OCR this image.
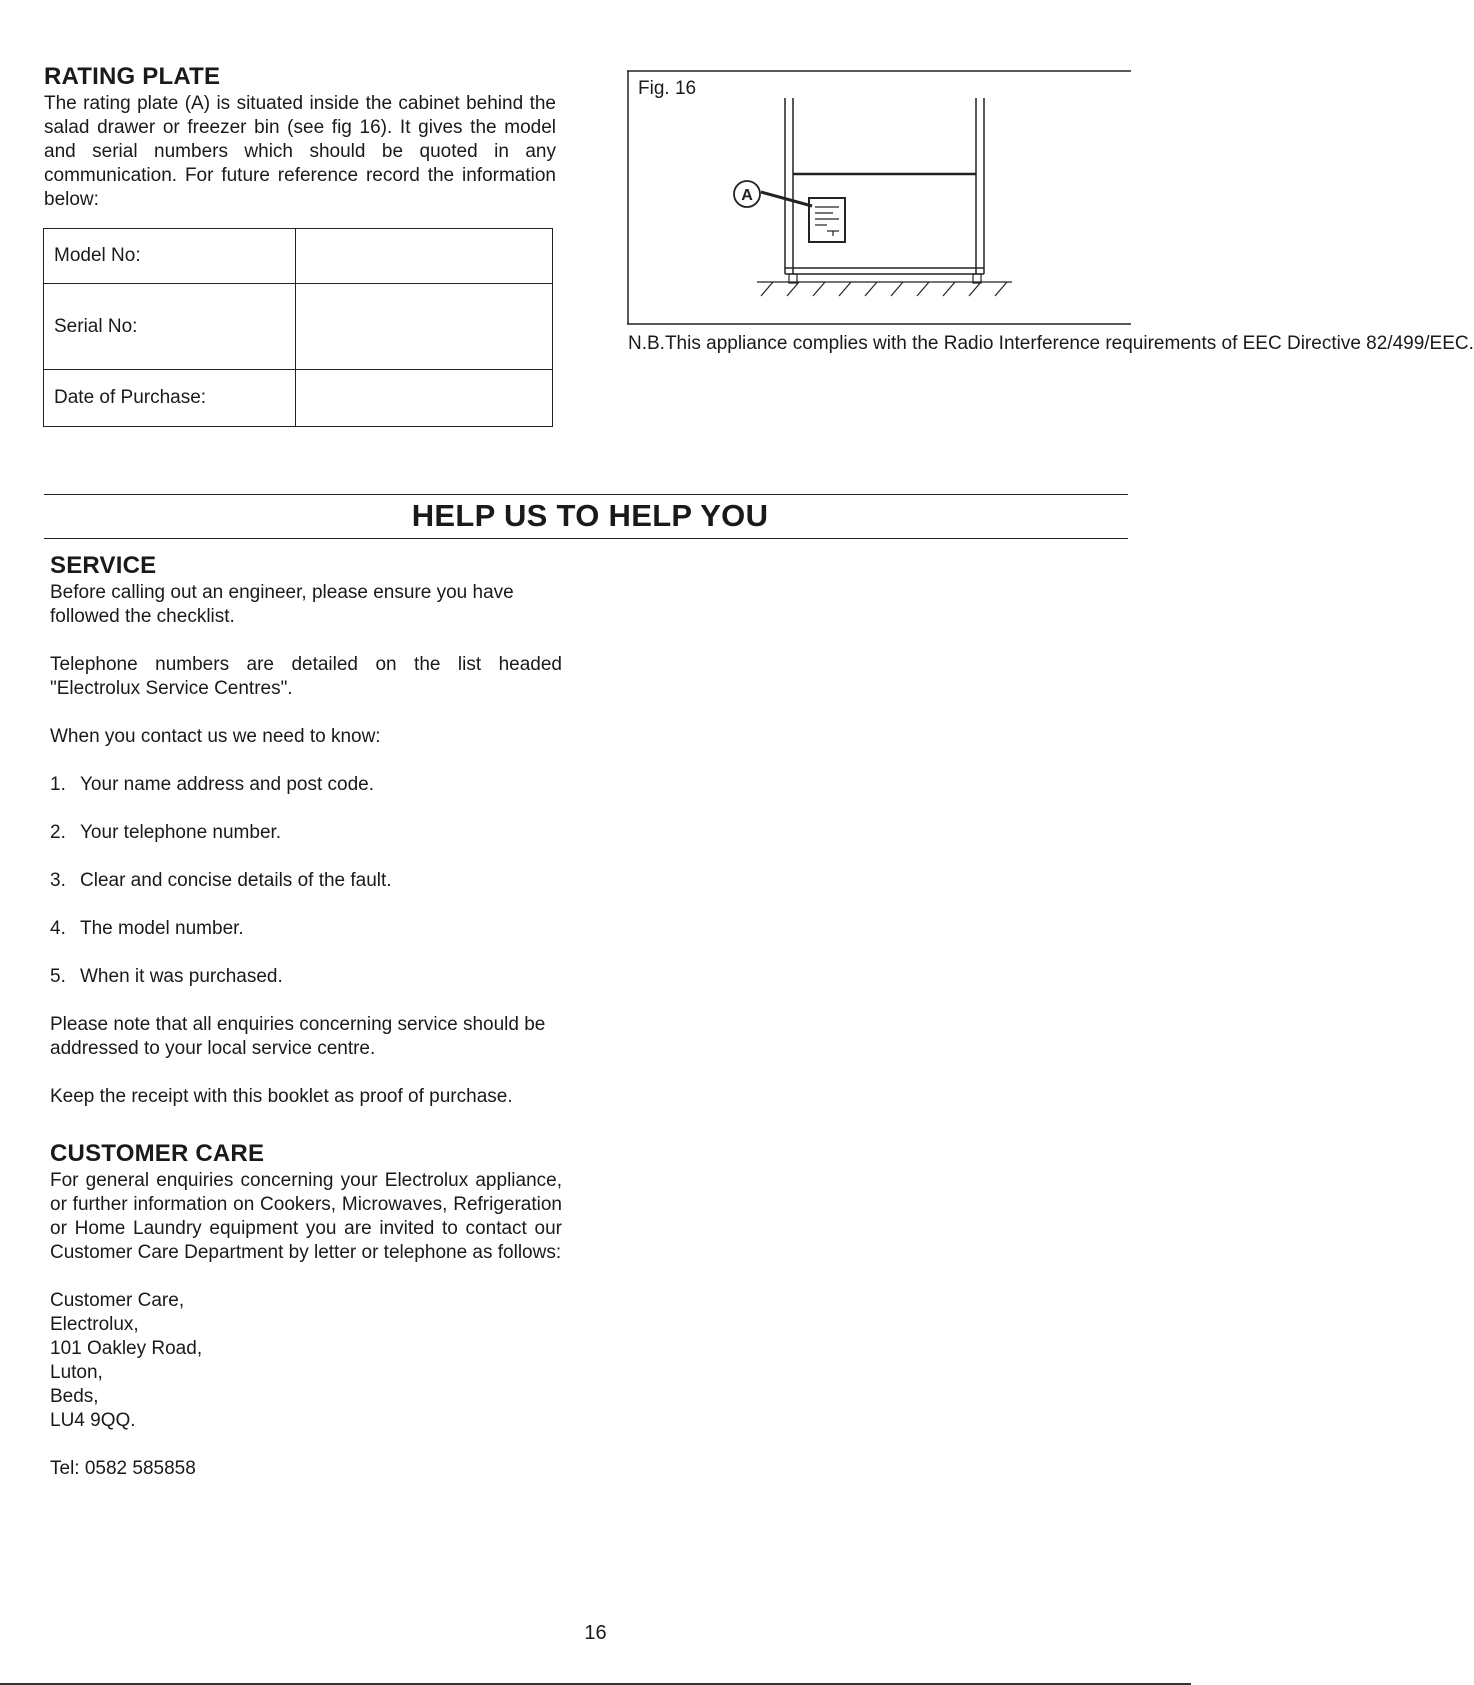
RATING PLATE

The rating plate (A) is situated inside the cabinet behind the salad drawer or freezer bin (see fig 16). It gives the model and serial numbers which should be quoted in any communication. For future reference record the information below:

Model No:	
Serial No:	
Date of Purchase:	
A
Fig. 16
N.B.This appliance complies with the Radio Interference requirements of EEC Directive 82/499/EEC.
HELP US TO HELP YOU
SERVICE

Before calling out an engineer, please ensure you have followed the checklist.

Telephone numbers are detailed on the list headed "Electrolux Service Centres".

When you contact us we need to know:

1. Your name address and post code.
2. Your telephone number.
3. Clear and concise details of the fault.
4. The model number.
5. When it was purchased.

Please note that all enquiries concerning service should be addressed to your local service centre.

Keep the receipt with this booklet as proof of purchase.

CUSTOMER CARE

For general enquiries concerning your Electrolux appliance, or further information on Cookers, Microwaves, Refrigeration or Home Laundry equipment you are invited to contact our Customer Care Department by letter or telephone as follows:

Customer Care,
Electrolux,
101 Oakley Road,
Luton,
Beds,
LU4 9QQ.
Tel: 0582 585858
16
